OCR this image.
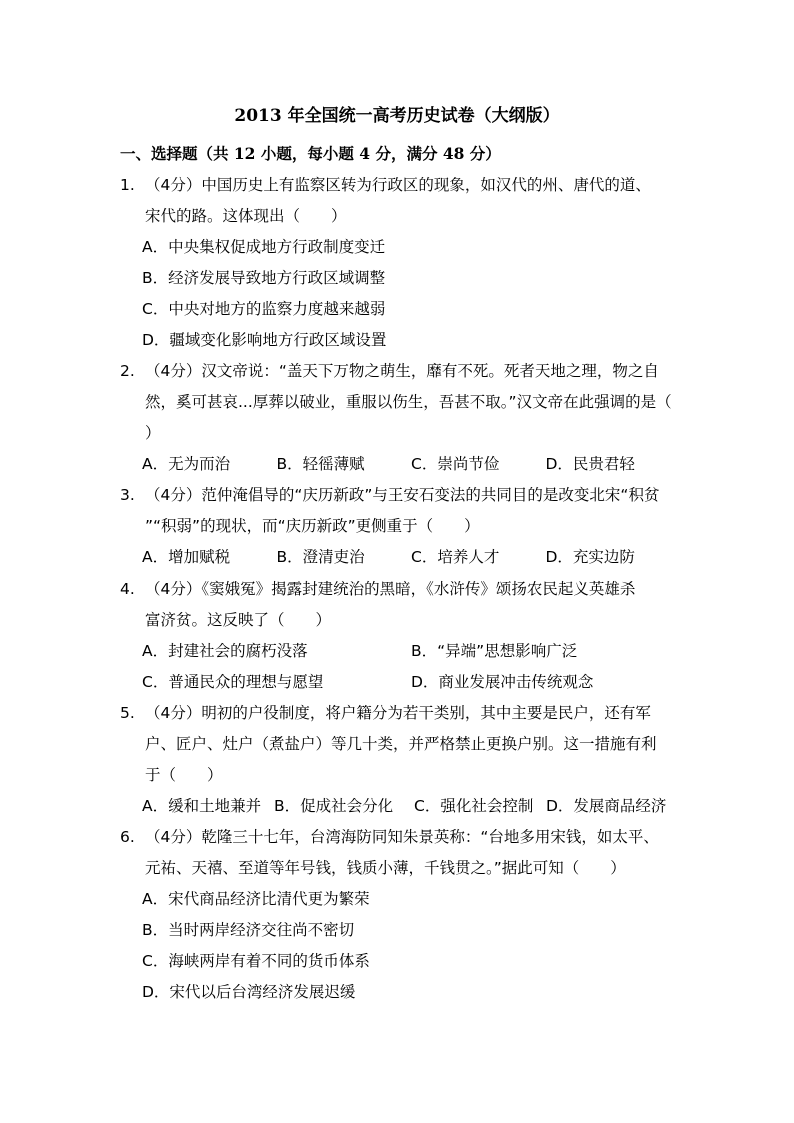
2013 年全国统一高考历史试卷（大纲版）
一、选择题（共 12 小题，每小题 4 分，满分 48 分）
1. （4分）中国历史上有监察区转为行政区的现象，如汉代的州、唐代的道、
宋代的路。这体现出（　　）
A．中央集权促成地方行政制度变迁
B．经济发展导致地方行政区域调整
C．中央对地方的监察力度越来越弱
D．疆域变化影响地方行政区域设置
2. （4分）汉文帝说：“盖天下万物之萌生，靡有不死。死者天地之理，物之自
然，奚可甚哀...厚葬以破业，重服以伤生，吾甚不取。”汉文帝在此强调的是（
）
A．无为而治	B．轻徭薄赋	C．崇尚节俭	D．民贵君轻
3. （4分）范仲淹倡导的“庆历新政”与王安石变法的共同目的是改变北宋“积贫
”“积弱”的现状，而“庆历新政”更侧重于（　　）
A．增加赋税	B．澄清吏治	C．培养人才	D．充实边防
4. （4分）《窦娥冤》揭露封建统治的黑暗，《水浒传》颂扬农民起义英雄杀
富济贫。这反映了（　　）
A．封建社会的腐朽没落	B．“异端”思想影响广泛
C．普通民众的理想与愿望	D．商业发展冲击传统观念
5. （4分）明初的户役制度，将户籍分为若干类别，其中主要是民户，还有军
户、匠户、灶户（煮盐户）等几十类，并严格禁止更换户别。这一措施有利
于（　　）
A．缓和土地兼并 B．促成社会分化	C．强化社会控制 D．发展商品经济
6. （4分）乾隆三十七年，台湾海防同知朱景英称：“台地多用宋钱，如太平、
元祐、天禧、至道等年号钱，钱质小薄，千钱贯之。”据此可知（　　）
A．宋代商品经济比清代更为繁荣
B．当时两岸经济交往尚不密切
C．海峡两岸有着不同的货币体系
D．宋代以后台湾经济发展迟缓
